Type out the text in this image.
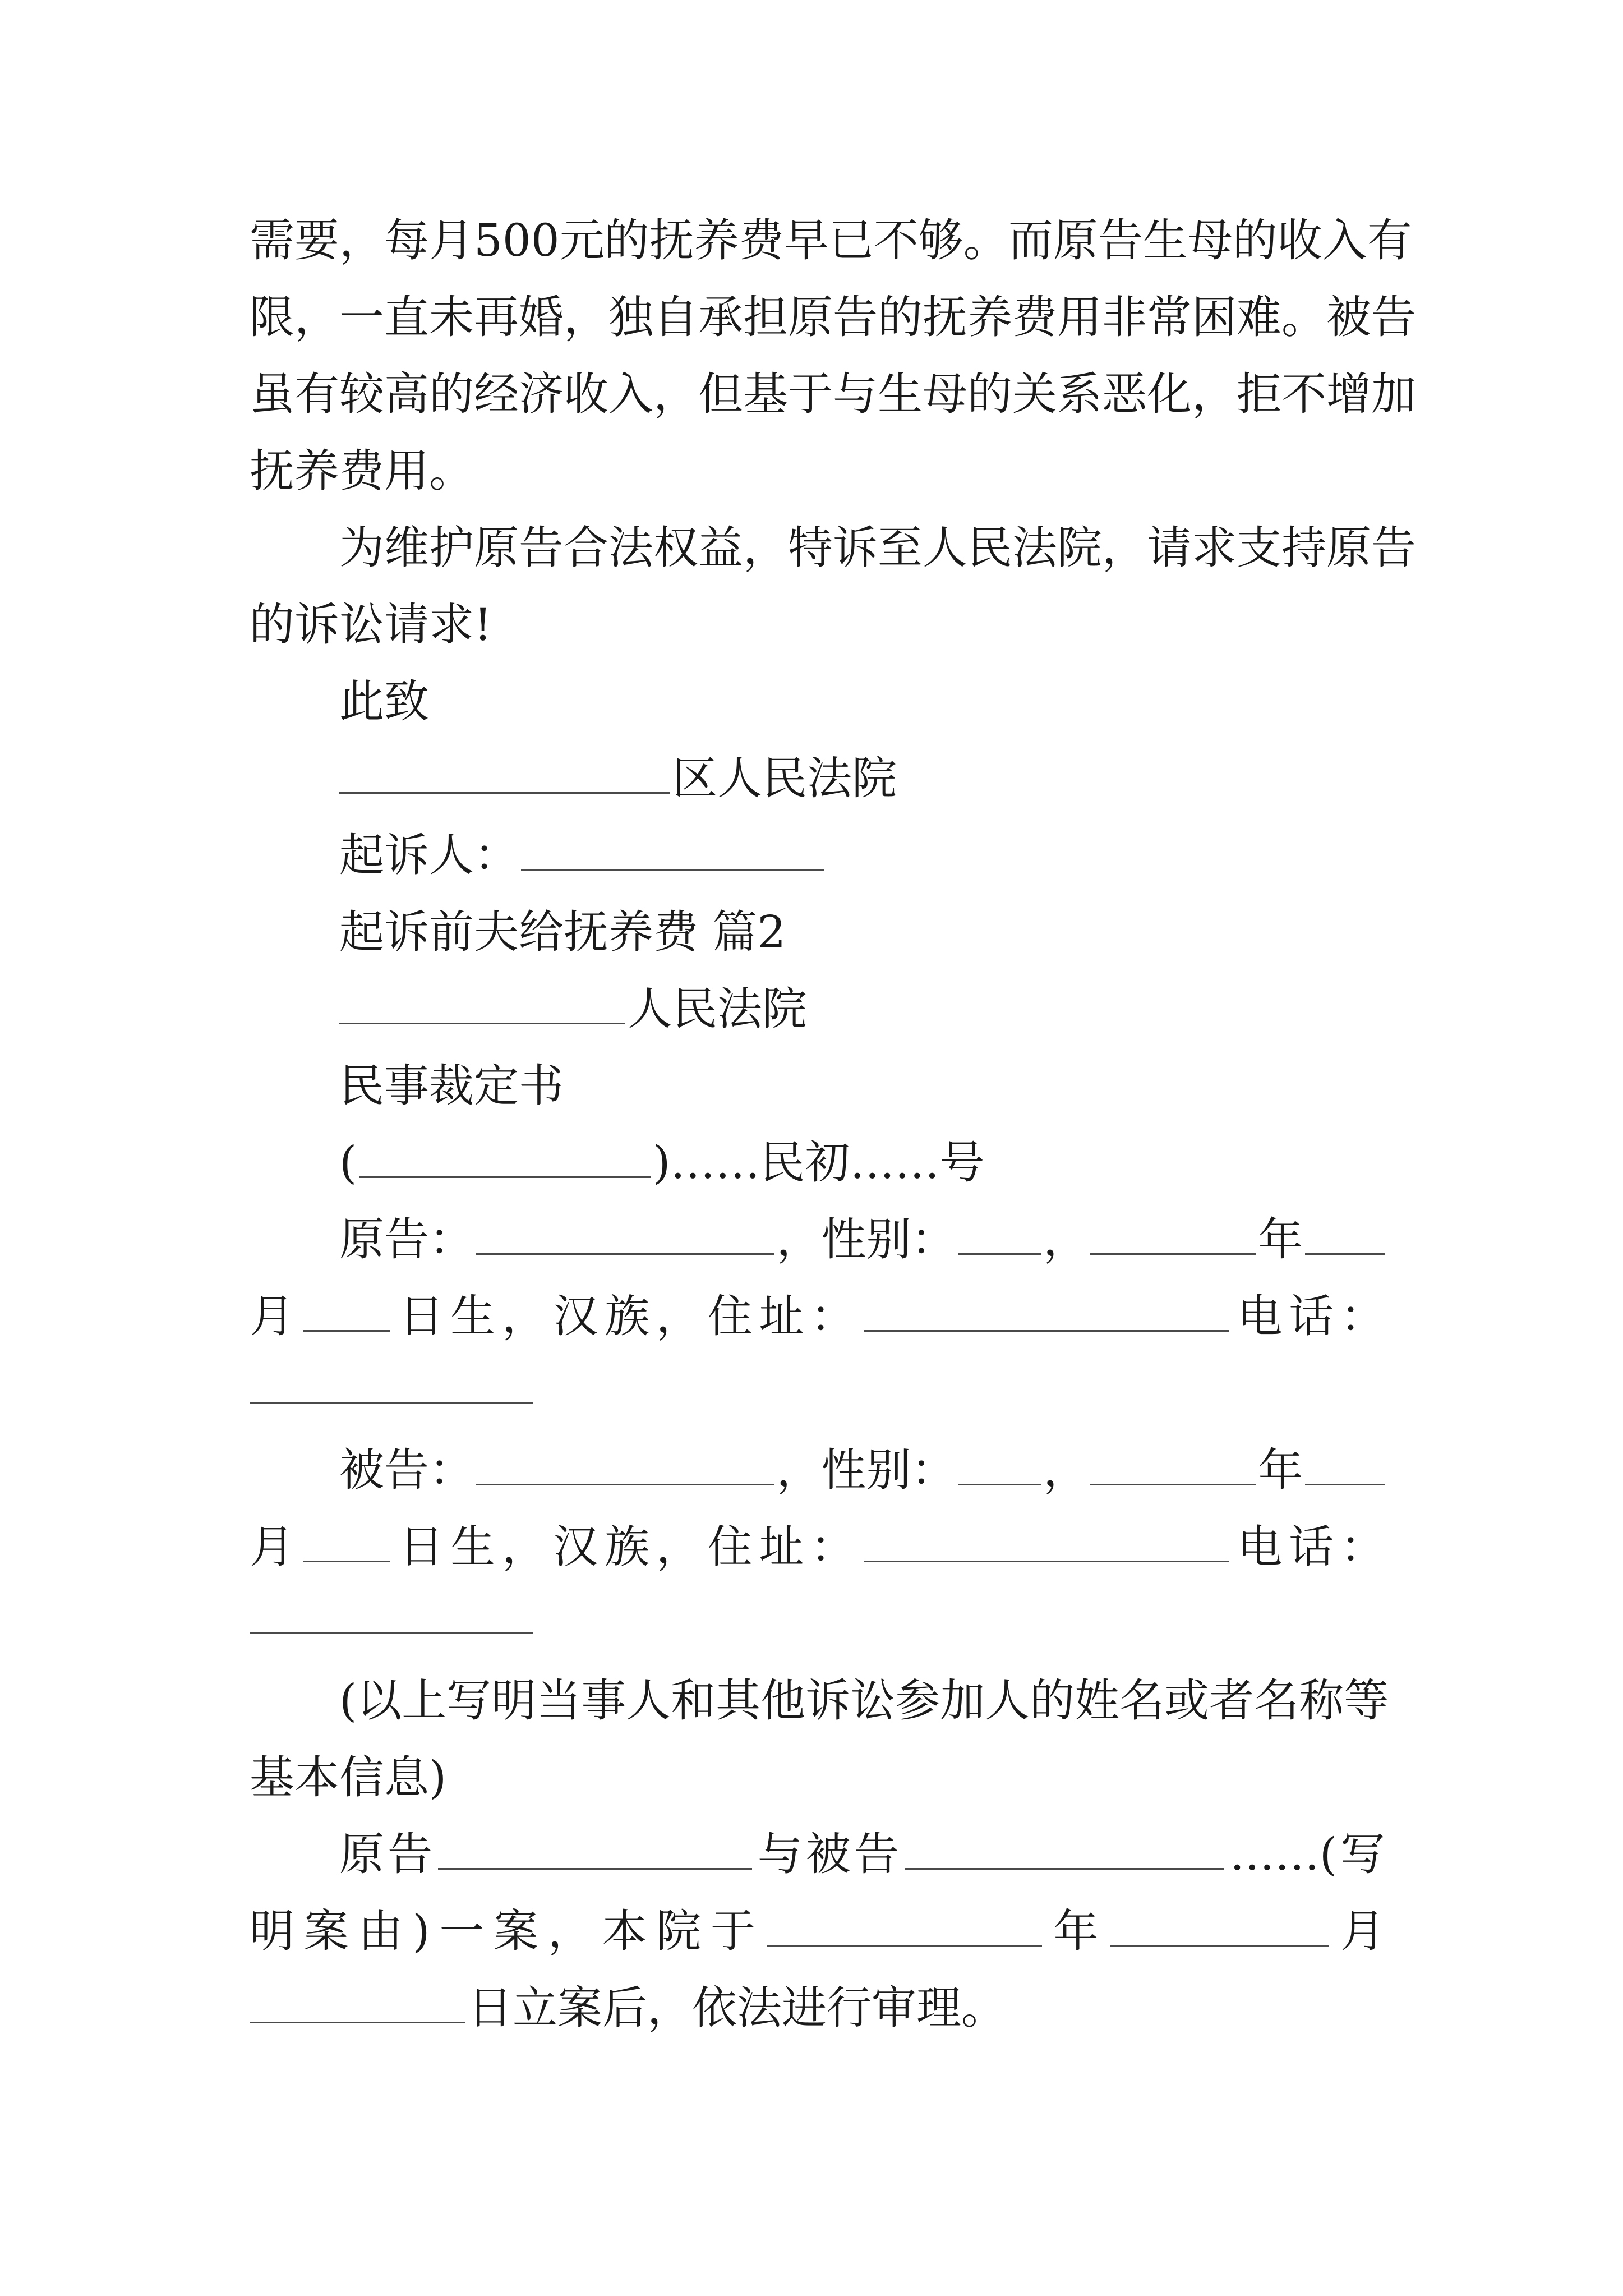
需 要 ， 每 月 500 元 的 抚 养 费 早 已 不 够 。 而 原 告 生 母 的 收 入 有
限 ， 一 直 未 再 婚 ， 独 自 承 担 原 告 的 抚 养 费 用 非 常 困 难 。 被 告
虽 有 较 高 的 经 济 收 入 ， 但 基 于 与 生 母 的 关 系 恶 化 ， 拒 不 增 加
抚养费用。
为 维 护 原 告 合 法 权 益 ， 特 诉 至 人 民 法 院 ， 请 求 支 持 原 告
的诉讼请求!
此致
区人民法院
起诉人：
起诉前夫给抚养费 篇2
人民法院
民事裁定书
(	)……民初……号
原告：	，性别： ，	年
月 日 生 ， 汉 族 ， 住 址 ：	电 话 ：
被告：	，性别： ，	年
月 日 生 ， 汉 族 ， 住 址 ：	电 话 ：
( 以 上 写 明 当 事 人 和 其 他 诉 讼 参 加 人 的 姓 名 或 者 名 称 等
基本信息)
原 告	与 被 告	……( 写
明 案 由 ) 一 案 ， 本 院 于	年	月
日立案后，依法进行审理。
